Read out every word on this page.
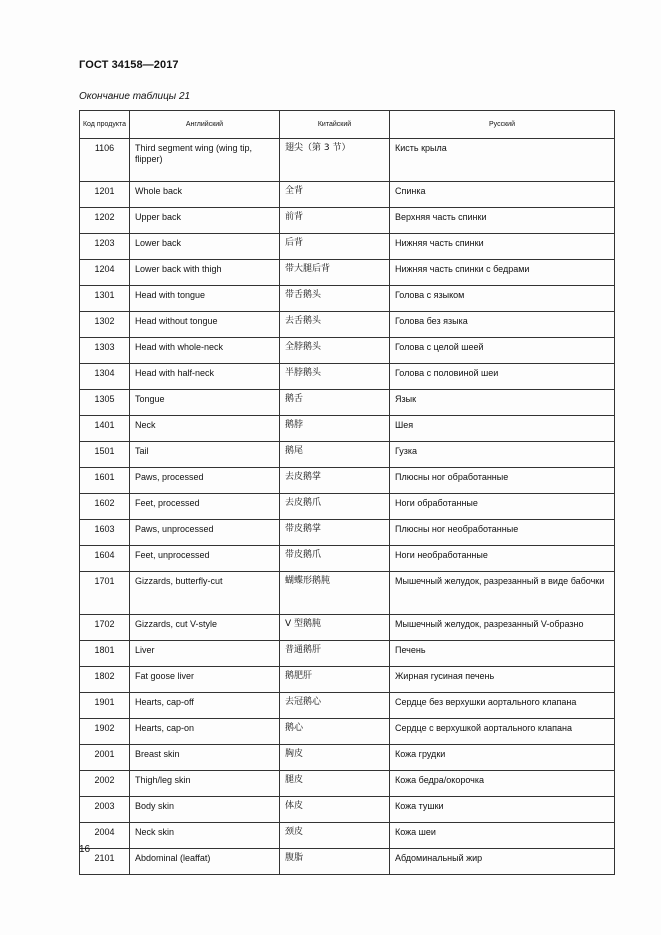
ГОСТ 34158—2017
Окончание таблицы 21
Код продукта	Английский	Китайский	Русский
1106	Third segment wing (wing tip, flipper)	翅尖（第 3 节）	Кисть крыла
1201	Whole back	全背	Спинка
1202	Upper back	前背	Верхняя часть спинки
1203	Lower back	后背	Нижняя часть спинки
1204	Lower back with thigh	带大腿后背	Нижняя часть спинки с бедрами
1301	Head with tongue	带舌鹅头	Голова с языком
1302	Head without tongue	去舌鹅头	Голова без языка
1303	Head with whole-neck	全脖鹅头	Голова с целой шеей
1304	Head with half-neck	半脖鹅头	Голова с половиной шеи
1305	Tongue	鹅舌	Язык
1401	Neck	鹅脖	Шея
1501	Tail	鹅尾	Гузка
1601	Paws, processed	去皮鹅掌	Плюсны ног обработанные
1602	Feet, processed	去皮鹅爪	Ноги обработанные
1603	Paws, unprocessed	带皮鹅掌	Плюсны ног необработанные
1604	Feet, unprocessed	带皮鹅爪	Ноги необработанные
1701	Gizzards, butterfly-cut	蝴蝶形鹅肫	Мышечный желудок, разрезанный в виде бабочки
1702	Gizzards, cut V-style	V 型鹅肫	Мышечный желудок, разрезанный V-образно
1801	Liver	普通鹅肝	Печень
1802	Fat goose liver	鹅肥肝	Жирная гусиная печень
1901	Hearts, cap-off	去冠鹅心	Сердце без верхушки аортального клапана
1902	Hearts, cap-on	鹅心	Сердце с верхушкой аортального клапана
2001	Breast skin	胸皮	Кожа грудки
2002	Thigh/leg skin	腿皮	Кожа бедра/окорочка
2003	Body skin	体皮	Кожа тушки
2004	Neck skin	颈皮	Кожа шеи
2101	Abdominal (leaffat)	腹脂	Абдоминальный жир
16
